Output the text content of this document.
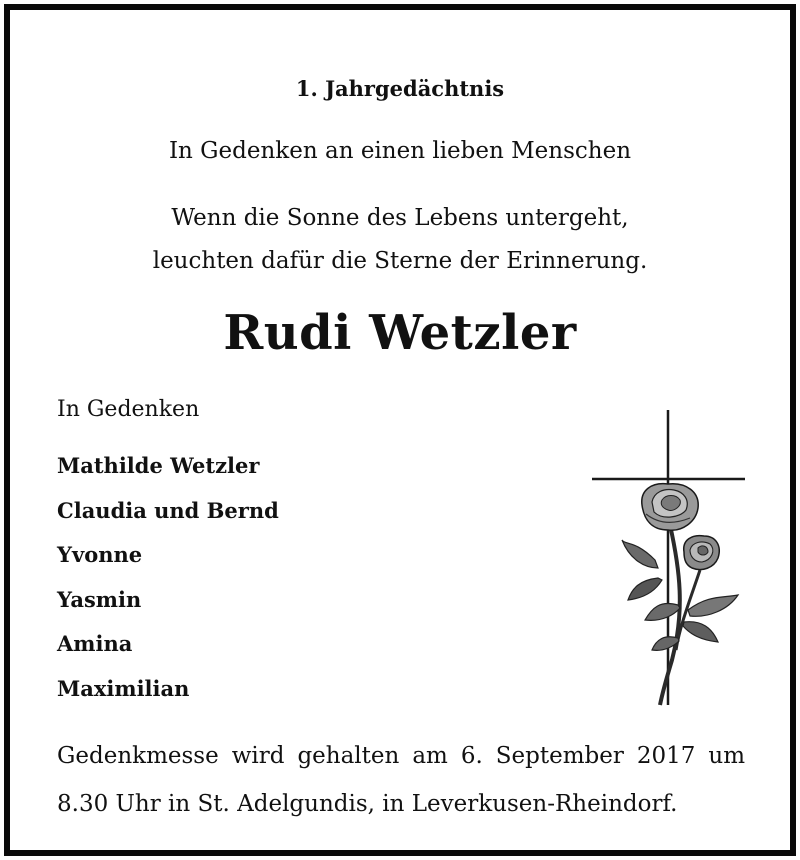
1. Jahrgedächtnis
In Gedenken an einen lieben Menschen
Wenn die Sonne des Lebens untergeht,
leuchten dafür die Sterne der Erinnerung.
Rudi Wetzler
In Gedenken
Mathilde Wetzler
Claudia und Bernd
Yvonne
Yasmin
Amina
Maximilian
Gedenkmesse wird gehalten am 6. September 2017 um 8.30 Uhr in St. Adelgundis, in Leverkusen-Rheindorf.
